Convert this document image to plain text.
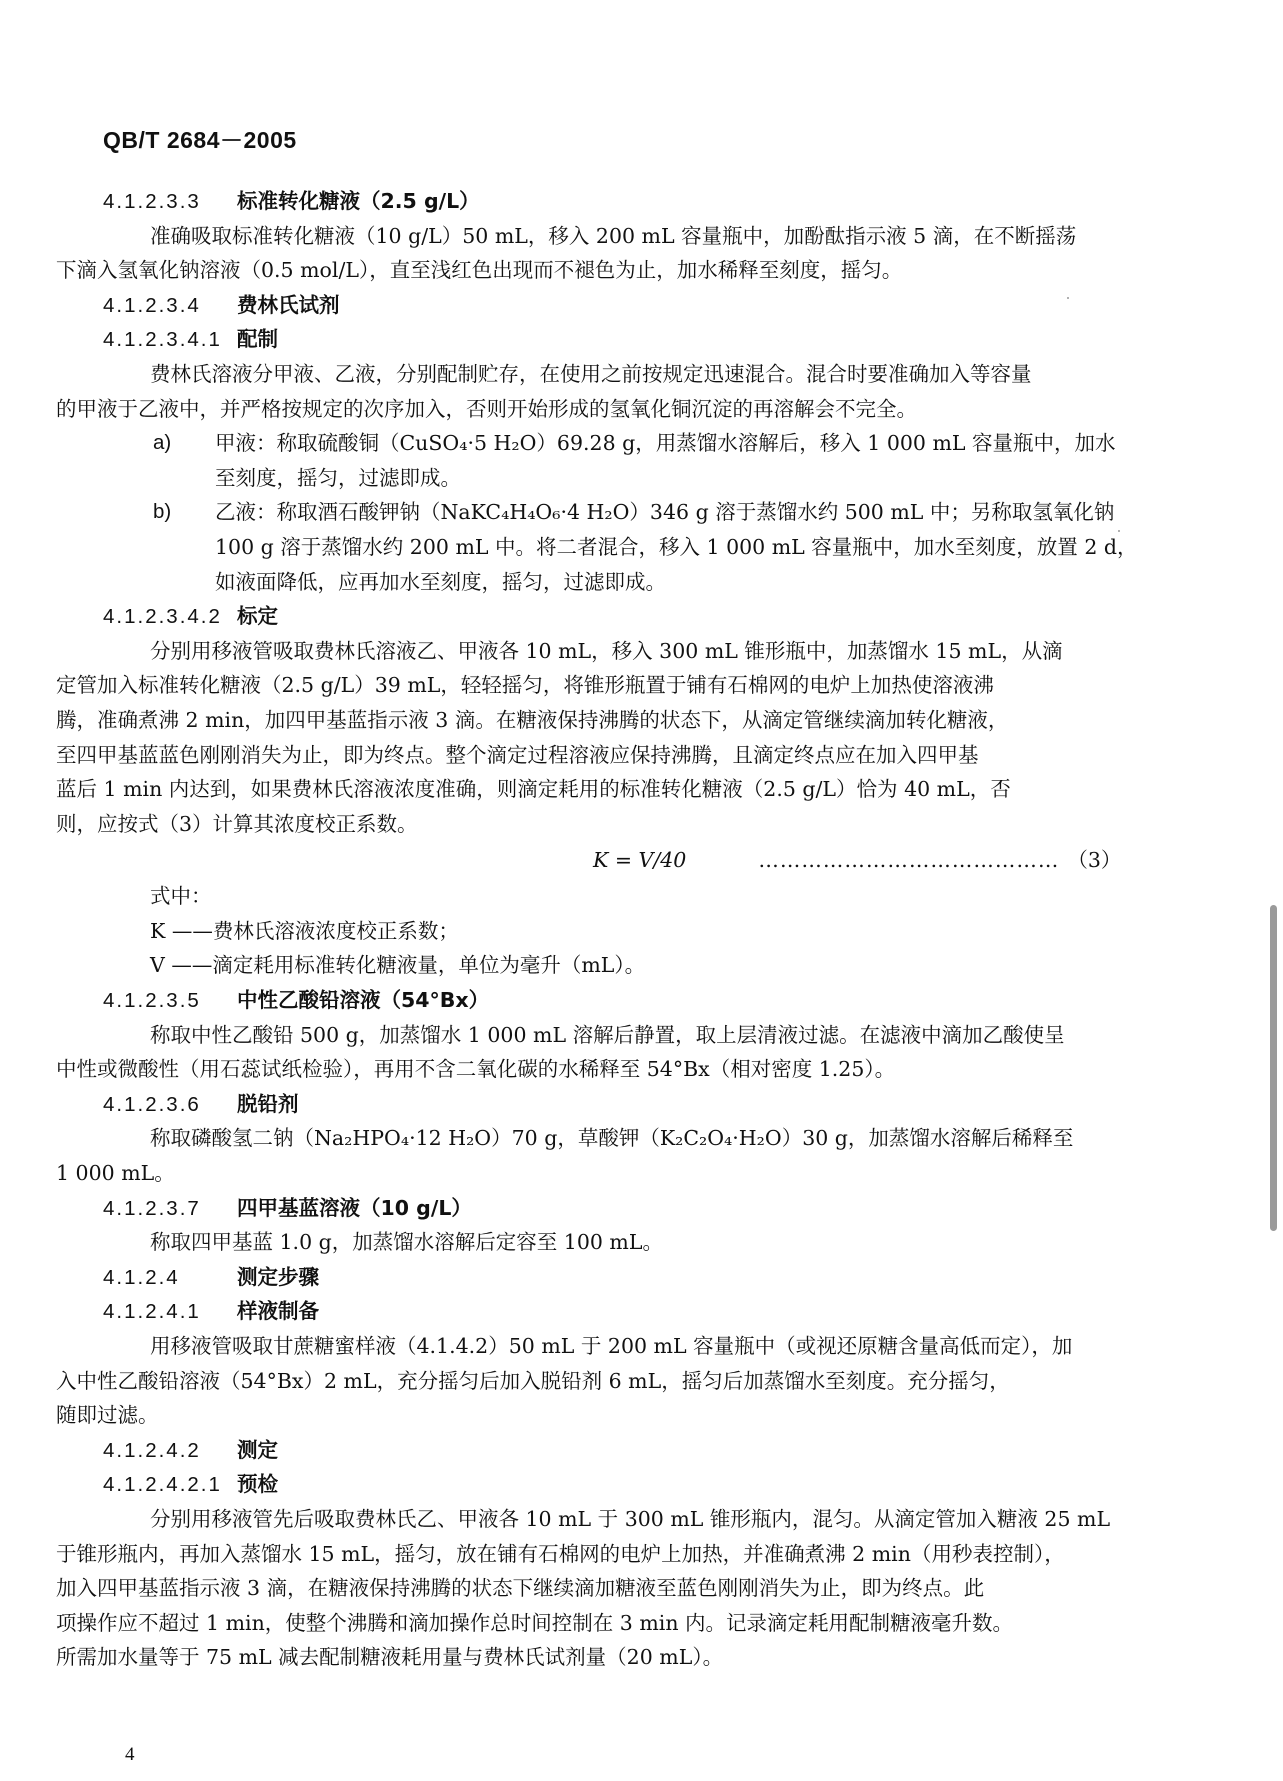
QB/T 2684－2005
4.1.2.3.3 标准转化糖液（2.5 g/L）
准确吸取标准转化糖液（10 g/L）50 mL，移入 200 mL 容量瓶中，加酚酞指示液 5 滴，在不断摇荡
下滴入氢氧化钠溶液（0.5 mol/L），直至浅红色出现而不褪色为止，加水稀释至刻度，摇匀。
4.1.2.3.4 费林氏试剂
4.1.2.3.4.1 配制
费林氏溶液分甲液、乙液，分别配制贮存，在使用之前按规定迅速混合。混合时要准确加入等容量
的甲液于乙液中，并严格按规定的次序加入，否则开始形成的氢氧化铜沉淀的再溶解会不完全。
a)	甲液：称取硫酸铜（CuSO₄·5 H₂O）69.28 g，用蒸馏水溶解后，移入 1 000 mL 容量瓶中，加水
至刻度，摇匀，过滤即成。
b)	乙液：称取酒石酸钾钠（NaKC₄H₄O₆·4 H₂O）346 g 溶于蒸馏水约 500 mL 中；另称取氢氧化钠
100 g 溶于蒸馏水约 200 mL 中。将二者混合，移入 1 000 mL 容量瓶中，加水至刻度，放置 2 d，
如液面降低，应再加水至刻度，摇匀，过滤即成。
4.1.2.3.4.2 标定
分别用移液管吸取费林氏溶液乙、甲液各 10 mL，移入 300 mL 锥形瓶中，加蒸馏水 15 mL，从滴
定管加入标准转化糖液（2.5 g/L）39 mL，轻轻摇匀，将锥形瓶置于铺有石棉网的电炉上加热使溶液沸
腾，准确煮沸 2 min，加四甲基蓝指示液 3 滴。在糖液保持沸腾的状态下，从滴定管继续滴加转化糖液，
至四甲基蓝蓝色刚刚消失为止，即为终点。整个滴定过程溶液应保持沸腾，且滴定终点应在加入四甲基
蓝后 1 min 内达到，如果费林氏溶液浓度准确，则滴定耗用的标准转化糖液（2.5 g/L）恰为 40 mL，否
则，应按式（3）计算其浓度校正系数。
K = V/40	…………………………………… （3）
式中：
K ——费林氏溶液浓度校正系数；
V ——滴定耗用标准转化糖液量，单位为毫升（mL）。
4.1.2.3.5 中性乙酸铅溶液（54°Bx）
称取中性乙酸铅 500 g，加蒸馏水 1 000 mL 溶解后静置，取上层清液过滤。在滤液中滴加乙酸使呈
中性或微酸性（用石蕊试纸检验），再用不含二氧化碳的水稀释至 54°Bx（相对密度 1.25）。
4.1.2.3.6 脱铅剂
称取磷酸氢二钠（Na₂HPO₄·12 H₂O）70 g，草酸钾（K₂C₂O₄·H₂O）30 g，加蒸馏水溶解后稀释至
1 000 mL。
4.1.2.3.7 四甲基蓝溶液（10 g/L）
称取四甲基蓝 1.0 g，加蒸馏水溶解后定容至 100 mL。
4.1.2.4	测定步骤
4.1.2.4.1 样液制备
用移液管吸取甘蔗糖蜜样液（4.1.4.2）50 mL 于 200 mL 容量瓶中（或视还原糖含量高低而定），加
入中性乙酸铅溶液（54°Bx）2 mL，充分摇匀后加入脱铅剂 6 mL，摇匀后加蒸馏水至刻度。充分摇匀，
随即过滤。
4.1.2.4.2 测定
4.1.2.4.2.1 预检
分别用移液管先后吸取费林氏乙、甲液各 10 mL 于 300 mL 锥形瓶内，混匀。从滴定管加入糖液 25 mL
于锥形瓶内，再加入蒸馏水 15 mL，摇匀，放在铺有石棉网的电炉上加热，并准确煮沸 2 min（用秒表控制），
加入四甲基蓝指示液 3 滴，在糖液保持沸腾的状态下继续滴加糖液至蓝色刚刚消失为止，即为终点。此
项操作应不超过 1 min，使整个沸腾和滴加操作总时间控制在 3 min 内。记录滴定耗用配制糖液毫升数。
所需加水量等于 75 mL 减去配制糖液耗用量与费林氏试剂量（20 mL）。
4
